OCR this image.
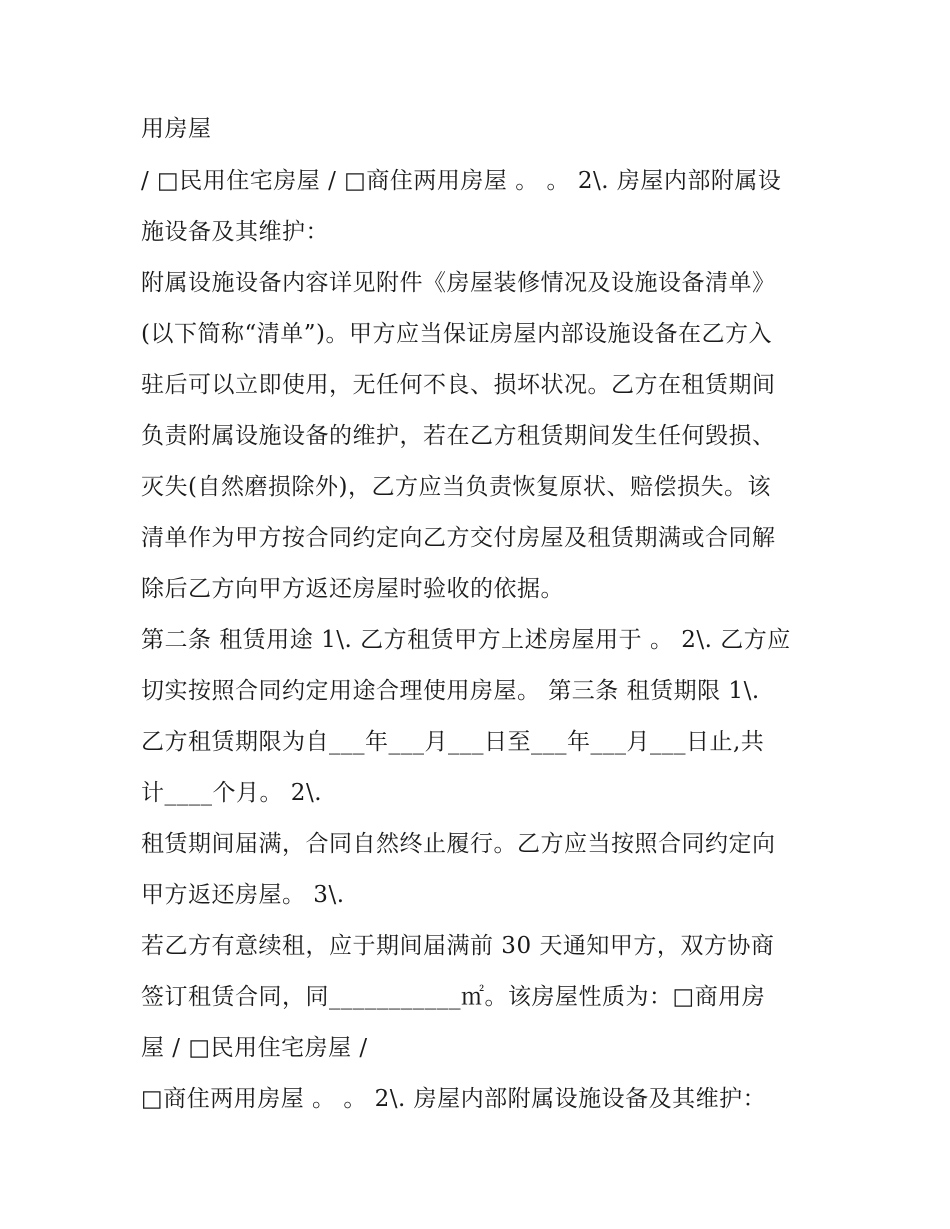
用房屋
/ □民用住宅房屋 / □商住两用房屋 。 。 2\. 房屋内部附属设
施设备及其维护：
附属设施设备内容详见附件《房屋装修情况及设施设备清单》
(以下简称“清单”)。甲方应当保证房屋内部设施设备在乙方入
驻后可以立即使用，无任何不良、损坏状况。乙方在租赁期间
负责附属设施设备的维护，若在乙方租赁期间发生任何毁损、
灭失(自然磨损除外)，乙方应当负责恢复原状、赔偿损失。该
清单作为甲方按合同约定向乙方交付房屋及租赁期满或合同解
除后乙方向甲方返还房屋时验收的依据。
第二条 租赁用途 1\. 乙方租赁甲方上述房屋用于 。 2\. 乙方应
切实按照合同约定用途合理使用房屋。 第三条 租赁期限 1\.
乙方租赁期限为自___年___月___日至___年___月___日止,共
计____个月。 2\.
租赁期间届满，合同自然终止履行。乙方应当按照合同约定向
甲方返还房屋。 3\.
若乙方有意续租，应于期间届满前 30 天通知甲方，双方协商
签订租赁合同，同___________㎡。该房屋性质为：□商用房
屋 / □民用住宅房屋 /
□商住两用房屋 。 。 2\. 房屋内部附属设施设备及其维护：
